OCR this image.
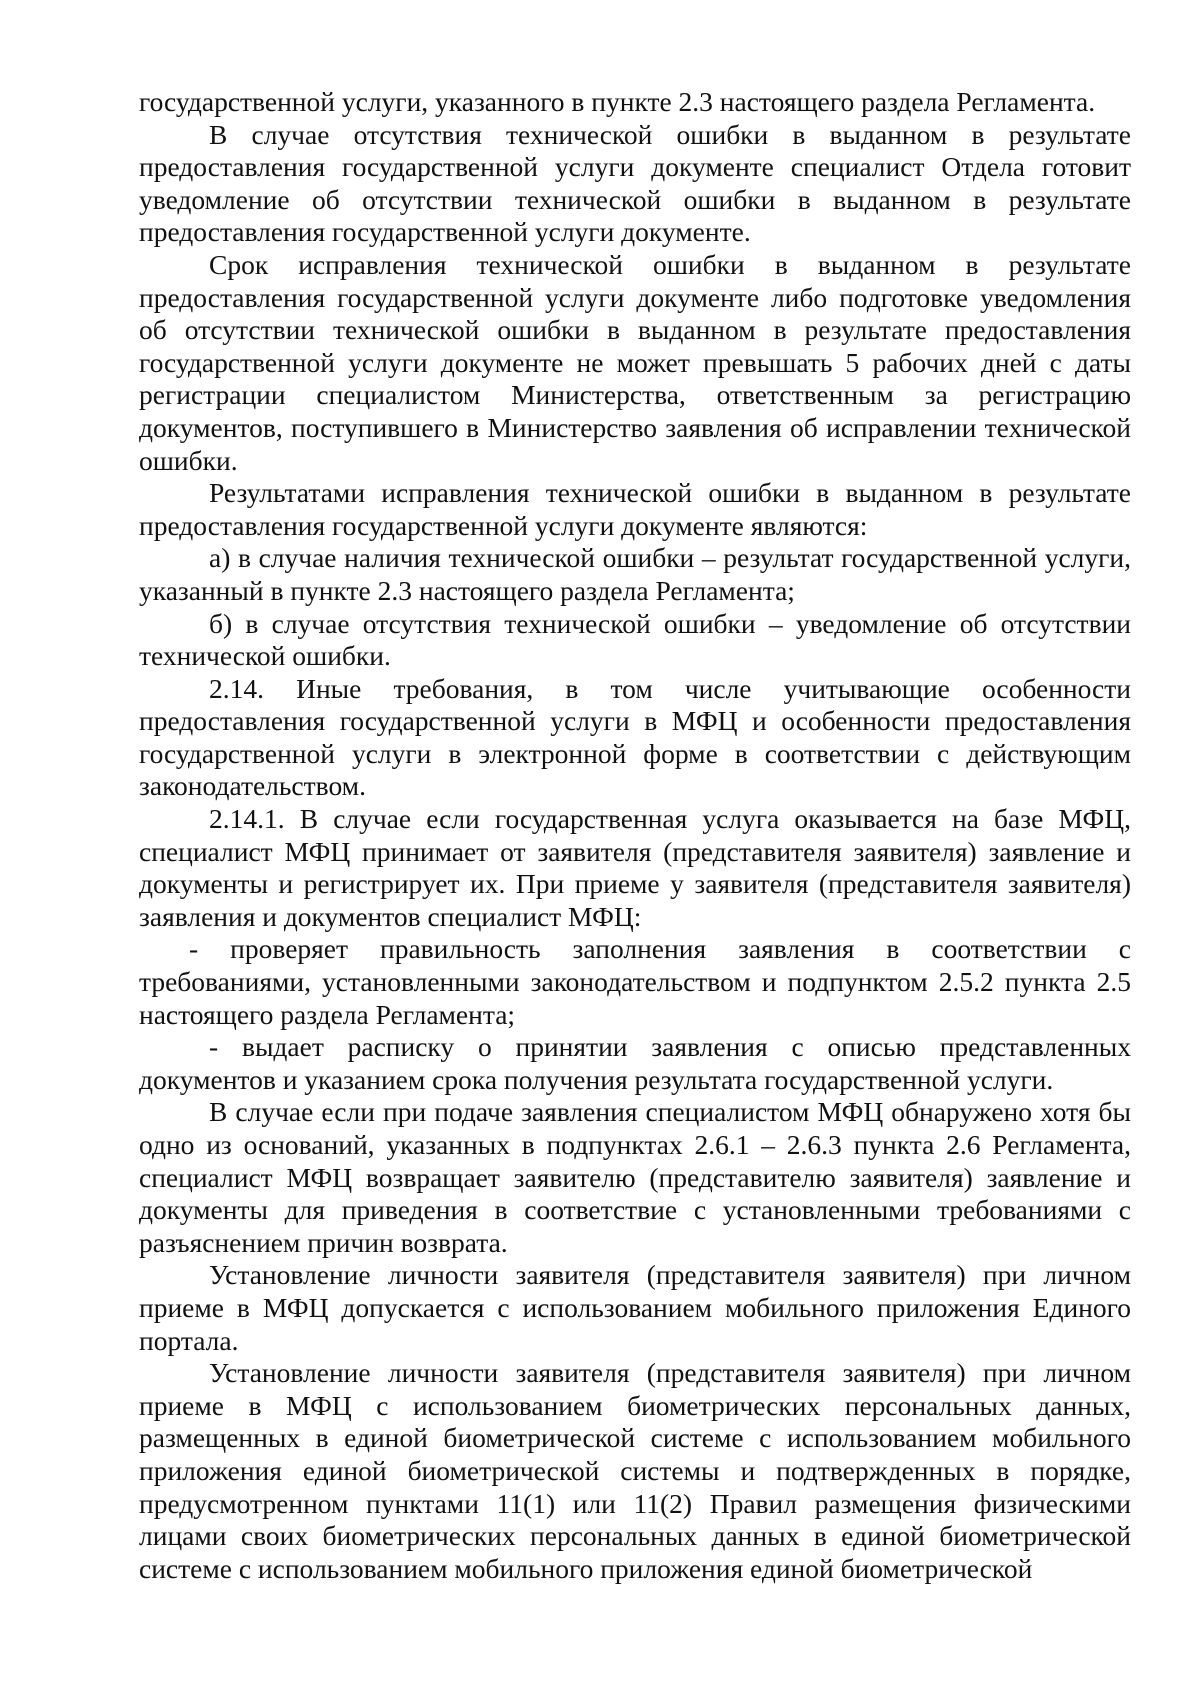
государственной услуги, указанного в пункте 2.3 настоящего раздела Регламента.

В случае отсутствия технической ошибки в выданном в результате предоставления государственной услуги документе специалист Отдела готовит уведомление об отсутствии технической ошибки в выданном в результате предоставления государственной услуги документе.

Срок исправления технической ошибки в выданном в результате предоставления государственной услуги документе либо подготовке уведомления об отсутствии технической ошибки в выданном в результате предоставления государственной услуги документе не может превышать 5 рабочих дней с даты регистрации специалистом Министерства, ответственным за регистрацию документов, поступившего в Министерство заявления об исправлении технической ошибки.

Результатами исправления технической ошибки в выданном в результате предоставления государственной услуги документе являются:

а) в случае наличия технической ошибки – результат государственной услуги, указанный в пункте 2.3 настоящего раздела Регламента;

б) в случае отсутствия технической ошибки – уведомление об отсутствии технической ошибки.

2.14. Иные требования, в том числе учитывающие особенности предоставления государственной услуги в МФЦ и особенности предоставления государственной услуги в электронной форме в соответствии с действующим законодательством.

2.14.1. В случае если государственная услуга оказывается на базе МФЦ, специалист МФЦ принимает от заявителя (представителя заявителя) заявление и документы и регистрирует их. При приеме у заявителя (представителя заявителя) заявления и документов специалист МФЦ:

- проверяет правильность заполнения заявления в соответствии с требованиями, установленными законодательством и подпунктом 2.5.2 пункта 2.5 настоящего раздела Регламента;

- выдает расписку о принятии заявления с описью представленных документов и указанием срока получения результата государственной услуги.

В случае если при подаче заявления специалистом МФЦ обнаружено хотя бы одно из оснований, указанных в подпунктах 2.6.1 – 2.6.3 пункта 2.6 Регламента, специалист МФЦ возвращает заявителю (представителю заявителя) заявление и документы для приведения в соответствие с установленными требованиями с разъяснением причин возврата.

Установление личности заявителя (представителя заявителя) при личном приеме в МФЦ допускается с использованием мобильного приложения Единого портала.

Установление личности заявителя (представителя заявителя) при личном приеме в МФЦ с использованием биометрических персональных данных, размещенных в единой биометрической системе с использованием мобильного приложения единой биометрической системы и подтвержденных в порядке, предусмотренном пунктами 11(1) или 11(2) Правил размещения физическими лицами своих биометрических персональных данных в единой биометрической системе с использованием мобильного приложения единой биометрической
